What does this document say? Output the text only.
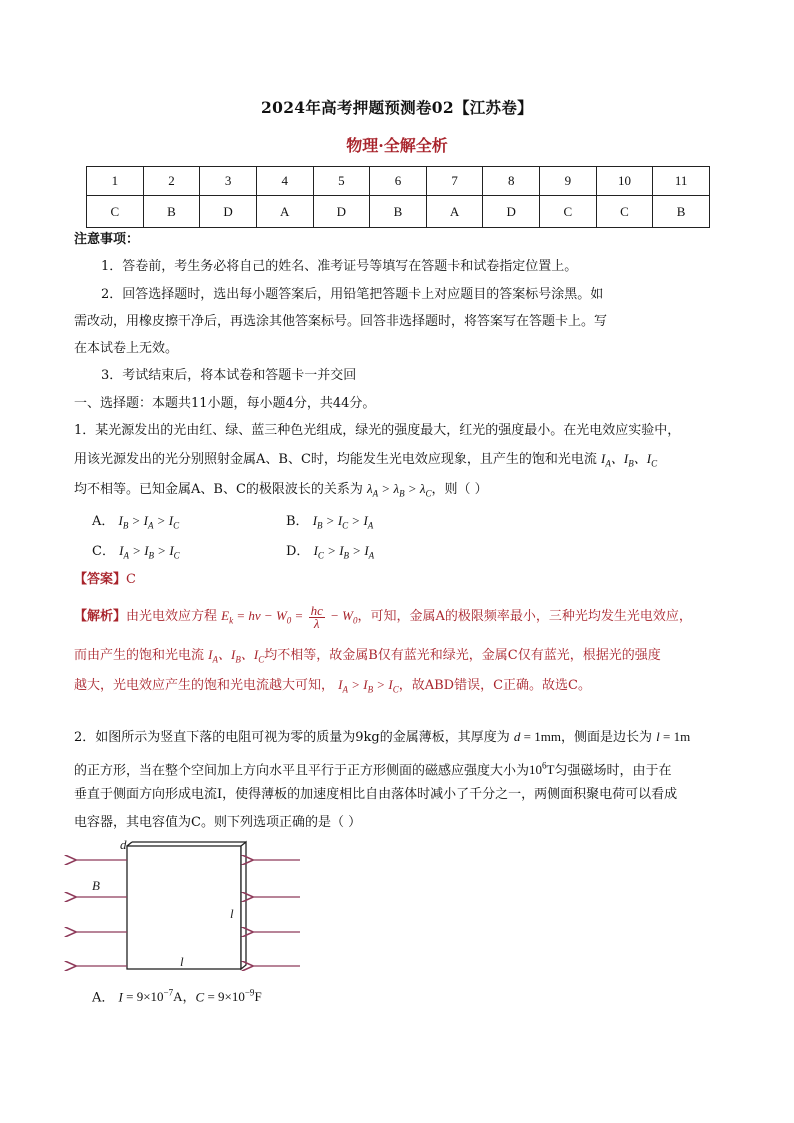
2024年高考押题预测卷02【江苏卷】
物理·全解全析
1	2	3	4	5	6	7	8	9	10	11
C	B	D	A	D	B	A	D	C	C	B
注意事项：
1．答卷前，考生务必将自己的姓名、准考证号等填写在答题卡和试卷指定位置上。
2．回答选择题时，选出每小题答案后，用铅笔把答题卡上对应题目的答案标号涂黑。如
需改动，用橡皮擦干净后，再选涂其他答案标号。回答非选择题时，将答案写在答题卡上。写
在本试卷上无效。
3．考试结束后，将本试卷和答题卡一并交回
一、选择题：本题共11小题，每小题4分，共44分。
1．某光源发出的光由红、绿、蓝三种色光组成，绿光的强度最大，红光的强度最小。在光电效应实验中，
用该光源发出的光分别照射金属A、B、C时，均能发生光电效应现象，且产生的饱和光电流 $I_A$、$I_B$、$I_C$
均不相等。已知金属A、B、C的极限波长的关系为 $\lambda_A > \lambda_B > \lambda_C$，则（ ）
A． $I_B > I_A > I_C$	B． $I_B > I_C > I_A$
C． $I_A > I_B > I_C$	D． $I_C > I_B > I_A$
【答案】C
【解析】由光电效应方程 $E_k = h\nu - W_0 = \frac{hc}{\lambda} - W_0$，可知，金属A的极限频率最小，三种光均发生光电效应，
而由产生的饱和光电流 $I_A$、$I_B$、$I_C$均不相等，故金属B仅有蓝光和绿光，金属C仅有蓝光，根据光的强度
越大，光电效应产生的饱和光电流越大可知， $I_A > I_B > I_C$，故ABD错误，C正确。故选C。
2．如图所示为竖直下落的电阻可视为零的质量为9kg的金属薄板，其厚度为 d = 1mm，侧面是边长为 l = 1m
的正方形，当在整个空间加上方向水平且平行于正方形侧面的磁感应强度大小为$10^6T$匀强磁场时，由于在
垂直于侧面方向形成电流I，使得薄板的加速度相比自由落体时减小了千分之一，两侧面积聚电荷可以看成
电容器，其电容值为C。则下列选项正确的是（ ）
d
B
l
l
A． $I = 9\times 10^{-7}A$，$C = 9\times 10^{-9}F$
